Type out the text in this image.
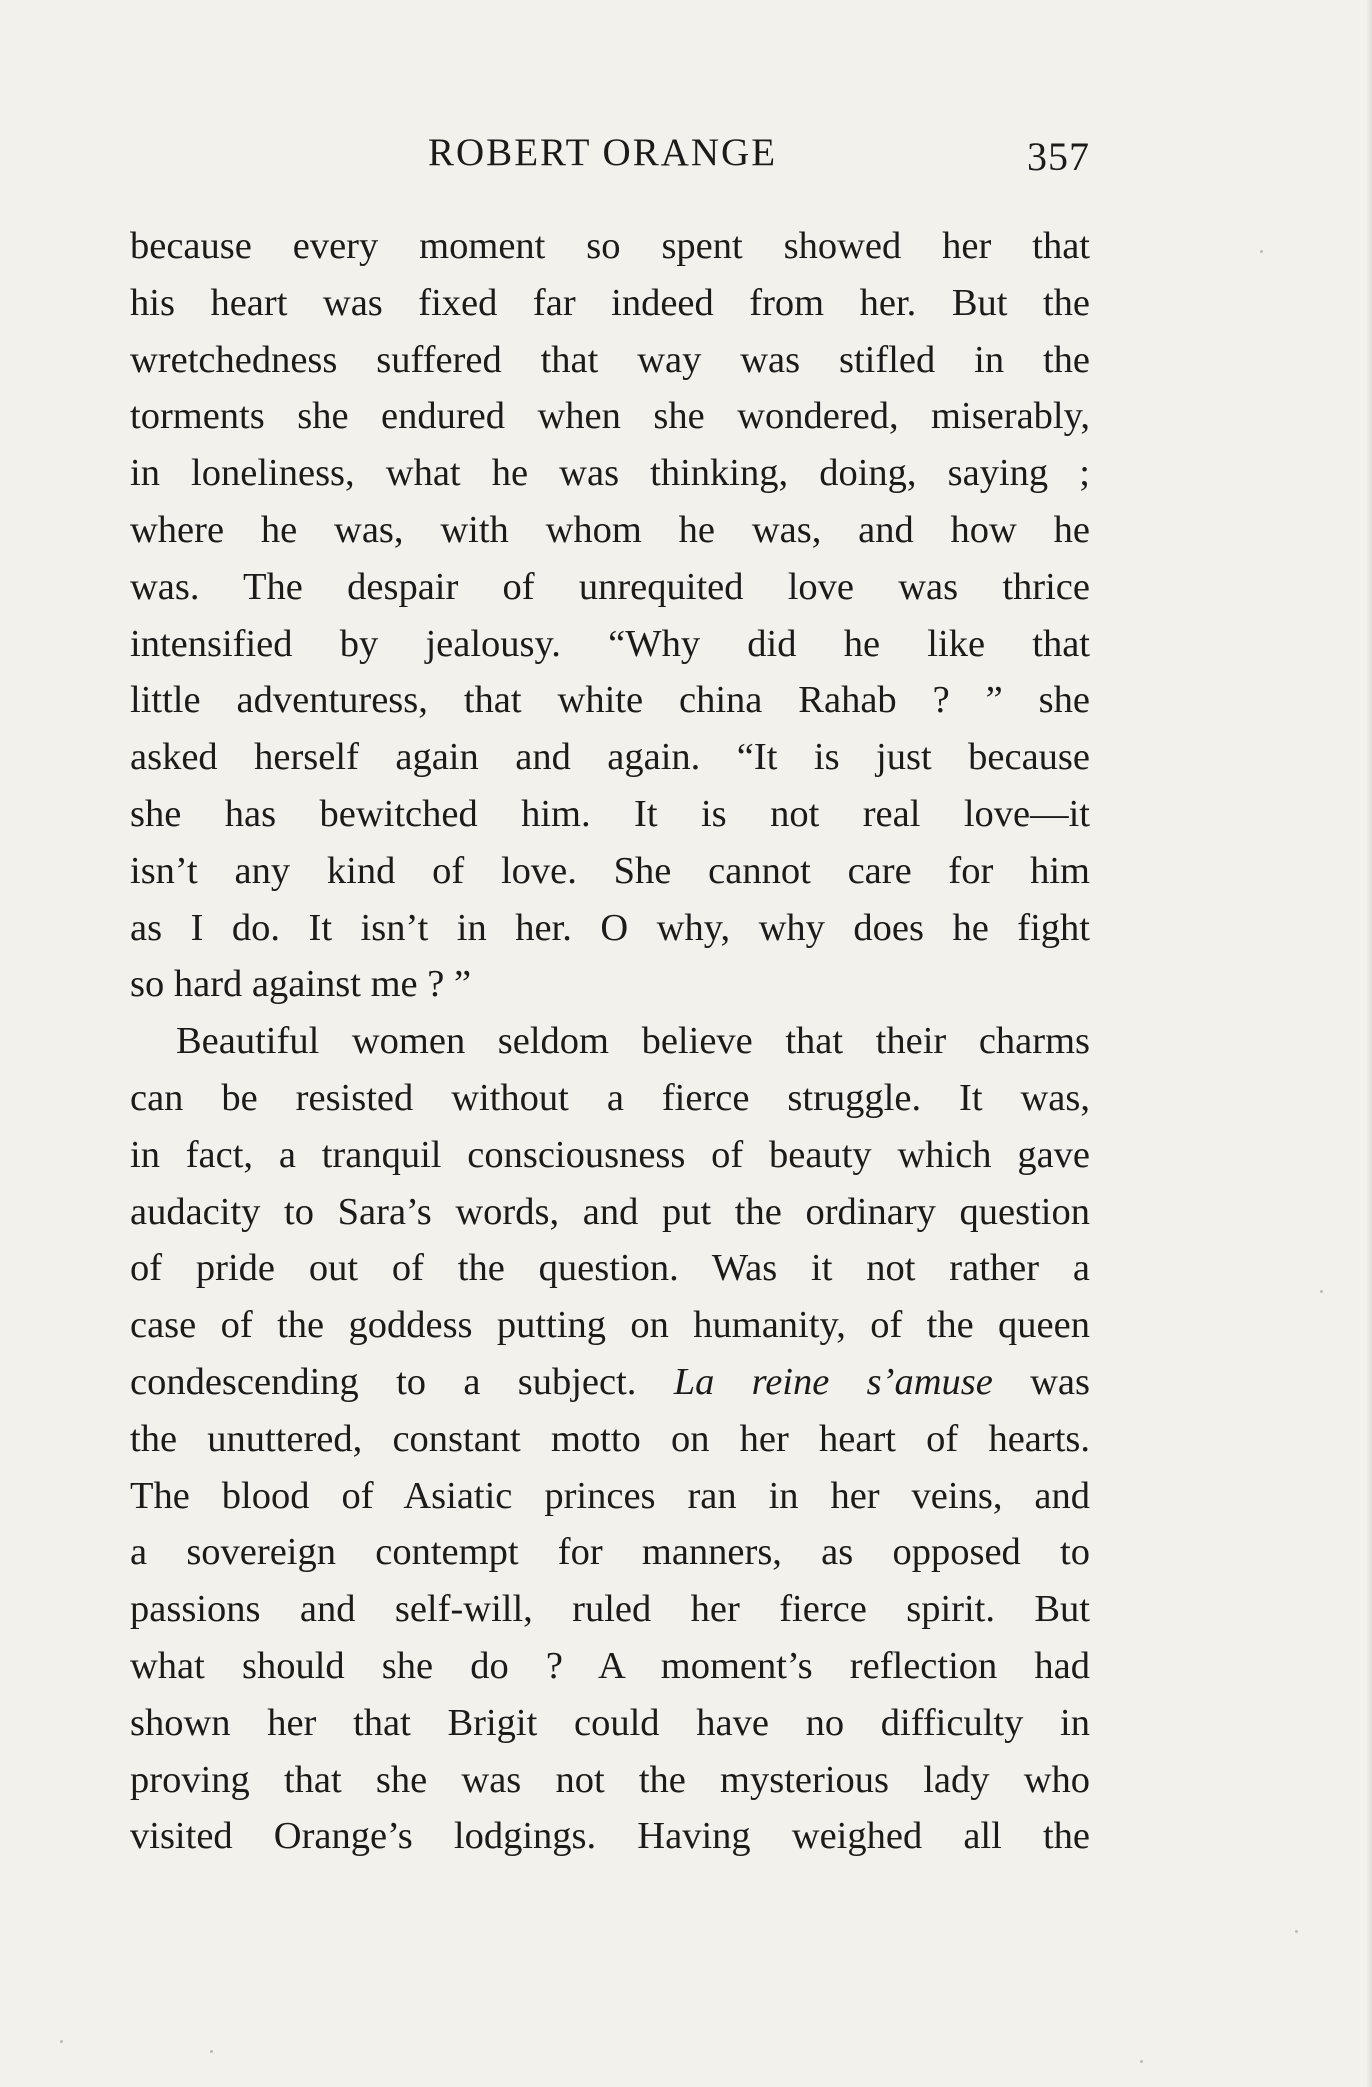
ROBERT ORANGE	357
because every moment so spent showed her that
his heart was fixed far indeed from her. But the
wretchedness suffered that way was stifled in the
torments she endured when she wondered, miserably,
in loneliness, what he was thinking, doing, saying ;
where he was, with whom he was, and how he
was. The despair of unrequited love was thrice
intensified by jealousy. “Why did he like that
little adventuress, that white china Rahab ? ” she
asked herself again and again. “It is just because
she has bewitched him. It is not real love—it
isn’t any kind of love. She cannot care for him
as I do. It isn’t in her. O why, why does he fight
so hard against me ? ”
Beautiful women seldom believe that their charms
can be resisted without a fierce struggle. It was,
in fact, a tranquil consciousness of beauty which gave
audacity to Sara’s words, and put the ordinary question
of pride out of the question. Was it not rather a
case of the goddess putting on humanity, of the queen
condescending to a subject. La reine s’amuse was
the unuttered, constant motto on her heart of hearts.
The blood of Asiatic princes ran in her veins, and
a sovereign contempt for manners, as opposed to
passions and self-will, ruled her fierce spirit. But
what should she do ? A moment’s reflection had
shown her that Brigit could have no difficulty in
proving that she was not the mysterious lady who
visited Orange’s lodgings. Having weighed all the
